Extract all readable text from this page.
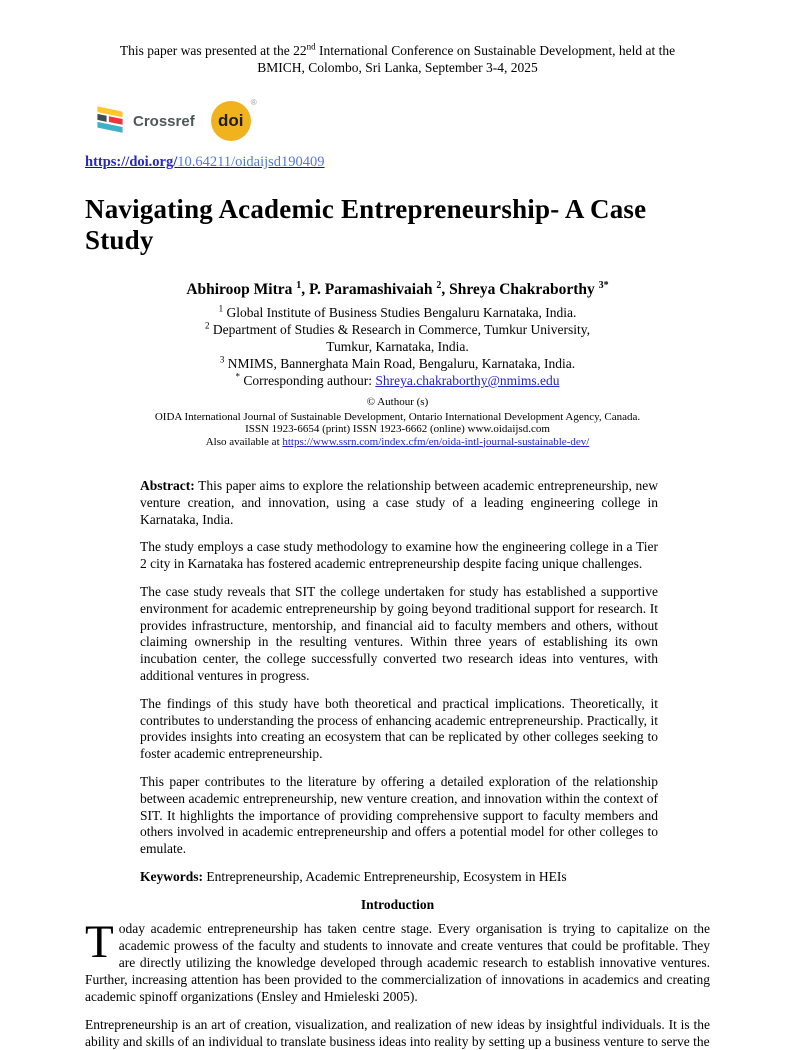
This paper was presented at the 22nd International Conference on Sustainable Development, held at the
BMICH, Colombo, Sri Lanka, September 3-4, 2025
Crossref doi
®
https://doi.org/10.64211/oidaijsd190409
Navigating Academic Entrepreneurship- A Case Study
Abhiroop Mitra $^1$, P. Paramashivaiah $^2$, Shreya Chakraborthy $^{3*}$

$^1$ Global Institute of Business Studies Bengaluru Karnataka, India.

$^2$ Department of Studies & Research in Commerce, Tumkur University,

Tumkur, Karnataka, India.

$^3$ NMIMS, Bannerghata Main Road, Bengaluru, Karnataka, India.

* Corresponding authour: Shreya.chakraborthy@nmims.edu

© Authour (s)
OIDA International Journal of Sustainable Development, Ontario International Development Agency, Canada.
ISSN 1923-6654 (print) ISSN 1923-6662 (online) www.oidaijsd.com
Also available at https://www.ssrn.com/index.cfm/en/oida-intl-journal-sustainable-dev/

Abstract: This paper aims to explore the relationship between academic entrepreneurship, new venture creation, and innovation, using a case study of a leading engineering college in Karnataka, India.

The study employs a case study methodology to examine how the engineering college in a Tier 2 city in Karnataka has fostered academic entrepreneurship despite facing unique challenges.

The case study reveals that SIT the college undertaken for study has established a supportive environment for academic entrepreneurship by going beyond traditional support for research. It provides infrastructure, mentorship, and financial aid to faculty members and others, without claiming ownership in the resulting ventures. Within three years of establishing its own incubation center, the college successfully converted two research ideas into ventures, with additional ventures in progress.

The findings of this study have both theoretical and practical implications. Theoretically, it contributes to understanding the process of enhancing academic entrepreneurship. Practically, it provides insights into creating an ecosystem that can be replicated by other colleges seeking to foster academic entrepreneurship.

This paper contributes to the literature by offering a detailed exploration of the relationship between academic entrepreneurship, new venture creation, and innovation within the context of SIT. It highlights the importance of providing comprehensive support to faculty members and others involved in academic entrepreneurship and offers a potential model for other colleges to emulate.

Keywords: Entrepreneurship, Academic Entrepreneurship, Ecosystem in HEIs

Introduction

Today academic entrepreneurship has taken centre stage. Every organisation is trying to capitalize on the academic prowess of the faculty and students to innovate and create ventures that could be profitable. They are directly utilizing the knowledge developed through academic research to establish innovative ventures. Further, increasing attention has been provided to the commercialization of innovations in academics and creating academic spinoff organizations (Ensley and Hmieleski 2005).

Entrepreneurship is an art of creation, visualization, and realization of new ideas by insightful individuals. It is the ability and skills of an individual to translate business ideas into reality by setting up a business venture to serve the
